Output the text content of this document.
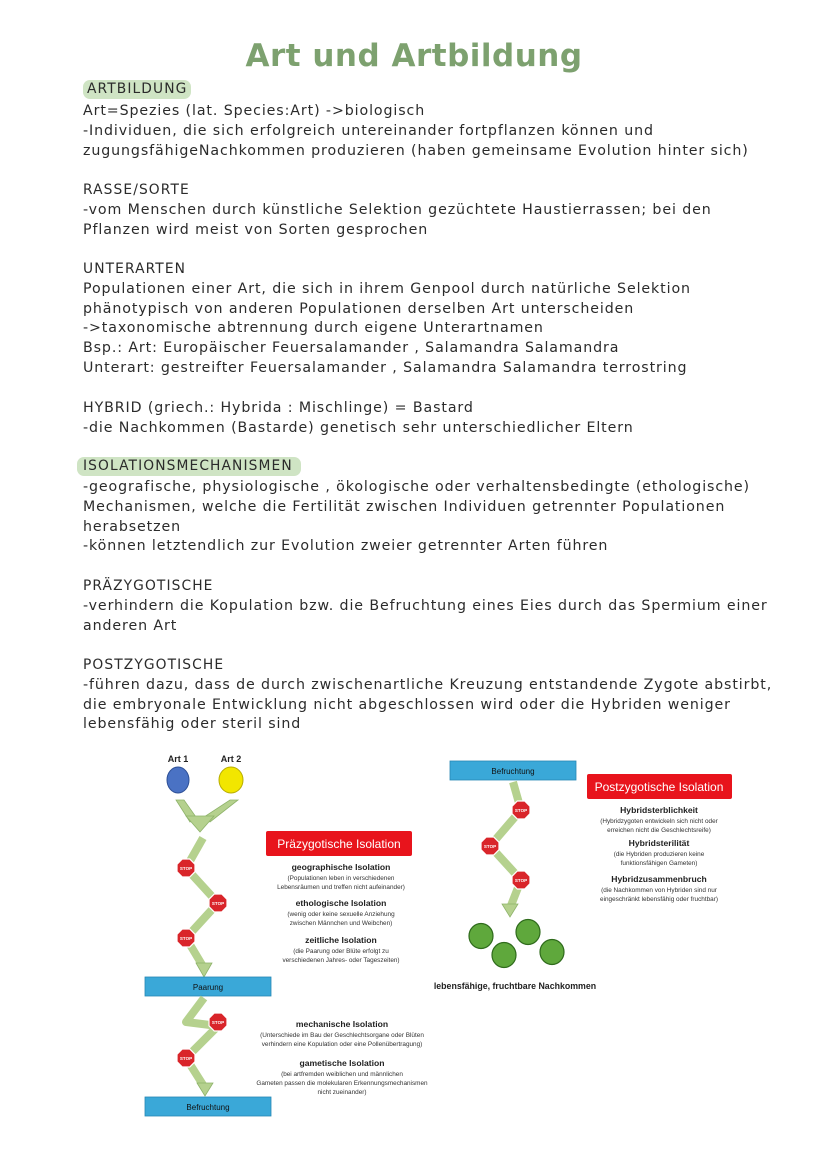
Art und Artbildung
ARTBILDUNG
Art=Spezies (lat. Species:Art) ->biologisch
-Individuen, die sich erfolgreich untereinander fortpflanzen können und
zugungsfähigeNachkommen produzieren (haben gemeinsame Evolution hinter sich)
RASSE/SORTE
-vom Menschen durch künstliche Selektion gezüchtete Haustierrassen; bei den
Pflanzen wird meist von Sorten gesprochen
UNTERARTEN
Populationen einer Art, die sich in ihrem Genpool durch natürliche Selektion
phänotypisch von anderen Populationen derselben Art unterscheiden
->taxonomische abtrennung durch eigene Unterartnamen
Bsp.: Art: Europäischer Feuersalamander , Salamandra Salamandra
Unterart: gestreifter Feuersalamander , Salamandra Salamandra terrostring
HYBRID (griech.: Hybrida : Mischlinge) = Bastard
-die Nachkommen (Bastarde) genetisch sehr unterschiedlicher Eltern
ISOLATIONSMECHANISMEN
-geografische, physiologische , ökologische oder verhaltensbedingte (ethologische)
Mechanismen, welche die Fertilität zwischen Individuen getrennter Populationen
herabsetzen
-können letztendlich zur Evolution zweier getrennter Arten führen
PRÄZYGOTISCHE
-verhindern die Kopulation bzw. die Befruchtung eines Eies durch das Spermium einer
anderen Art
POSTZYGOTISCHE
-führen dazu, dass de durch zwischenartliche Kreuzung entstandende Zygote abstirbt,
die embryonale Entwicklung nicht abgeschlossen wird oder die Hybriden weniger
lebensfähig oder steril sind
Art 1	Art 2
STOP
STOP
STOP
Präzygotische Isolation
geographische Isolation
(Populationen leben in verschiedenen
Lebensräumen und treffen nicht aufeinander)
ethologische Isolation
(wenig oder keine sexuelle Anziehung
zwischen Männchen und Weibchen)
zeitliche Isolation
(die Paarung oder Blüte erfolgt zu
verschiedenen Jahres- oder Tageszeiten)
Paarung
STOP
STOP
mechanische Isolation
(Unterschiede im Bau der Geschlechtsorgane oder Blüten
verhindern eine Kopulation oder eine Pollenübertragung)
gametische Isolation
(bei artfremden weiblichen und männlichen
Gameten passen die molekularen Erkennungsmechanismen
nicht zueinander)
Befruchtung
Befruchtung
STOP
STOP
STOP
Postzygotische Isolation
Hybridsterblichkeit
(Hybridzygoten entwickeln sich nicht oder
erreichen nicht die Geschlechtsreife)
Hybridsterilität
(die Hybriden produzieren keine
funktionsfähigen Gameten)
Hybridzusammenbruch
(die Nachkommen von Hybriden sind nur
eingeschränkt lebensfähig oder fruchtbar)
lebensfähige, fruchtbare Nachkommen
